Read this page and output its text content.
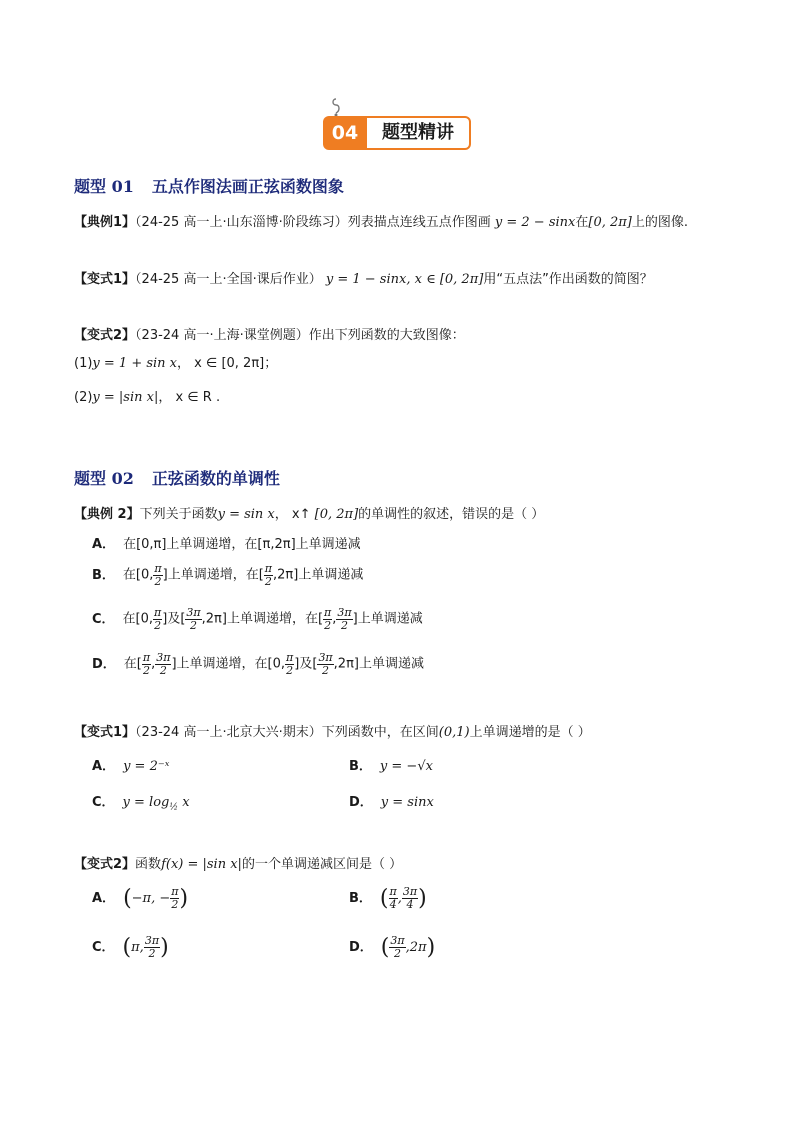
04	题型精讲
题型 01 五点作图法画正弦函数图象
【典例1】（24-25 高一上·山东淄博·阶段练习）列表描点连线五点作图画 y = 2 − sinx在[0, 2π]上的图像.
【变式1】（24-25 高一上·全国·课后作业） y = 1 − sinx, x ∈ [0, 2π]用“五点法”作出函数的简图？
【变式2】（23-24 高一·上海·课堂例题）作出下列函数的大致图像：
(1)y = 1 + sin x， x ∈ [0, 2π]；
(2)y = |sin x|， x ∈ R .
题型 02 正弦函数的单调性
【典例 2】下列关于函数y = sin x， x↑ [0, 2π]的单调性的叙述，错误的是（ ）
A． 在[0,π]上单调递增，在[π,2π]上单调递减
B． 在[0, $\frac{\pi}{2}$ ]上单调递增，在[ $\frac{\pi}{2} ,2\pi$]上单调递减
C． 在[0, $\frac{\pi}{2}$ ]及[ $\frac{3\pi}{2} ,2\pi$]上单调递增，在[ $\frac{\pi}{2}$ , $\frac{3\pi}{2}$ ]上单调递减
D． 在[ $\frac{\pi}{2}$ , $\frac{3\pi}{2}$ ]上单调递增，在[0, $\frac{\pi}{2}$ ]及[ $\frac{3\pi}{2} ,2\pi$]上单调递减
【变式1】（23-24 高一上·北京大兴·期末）下列函数中，在区间(0,1)上单调递增的是（ ）
A． y = 2⁻ˣ	B． y = −√x
C． $y = \log_{\frac{1}{2}} x$	D． y = sinx
【变式2】函数f(x) = |sin x|的一个单调递减区间是（ ）
A． (−π, − $\frac{\pi}{2}$ )	B． ( $\frac{\pi}{4}$ , $\frac{3\pi}{4}$ )
C． (π, $\frac{3\pi}{2}$ )	D． ( $\frac{3\pi}{2} ,2\pi$)
